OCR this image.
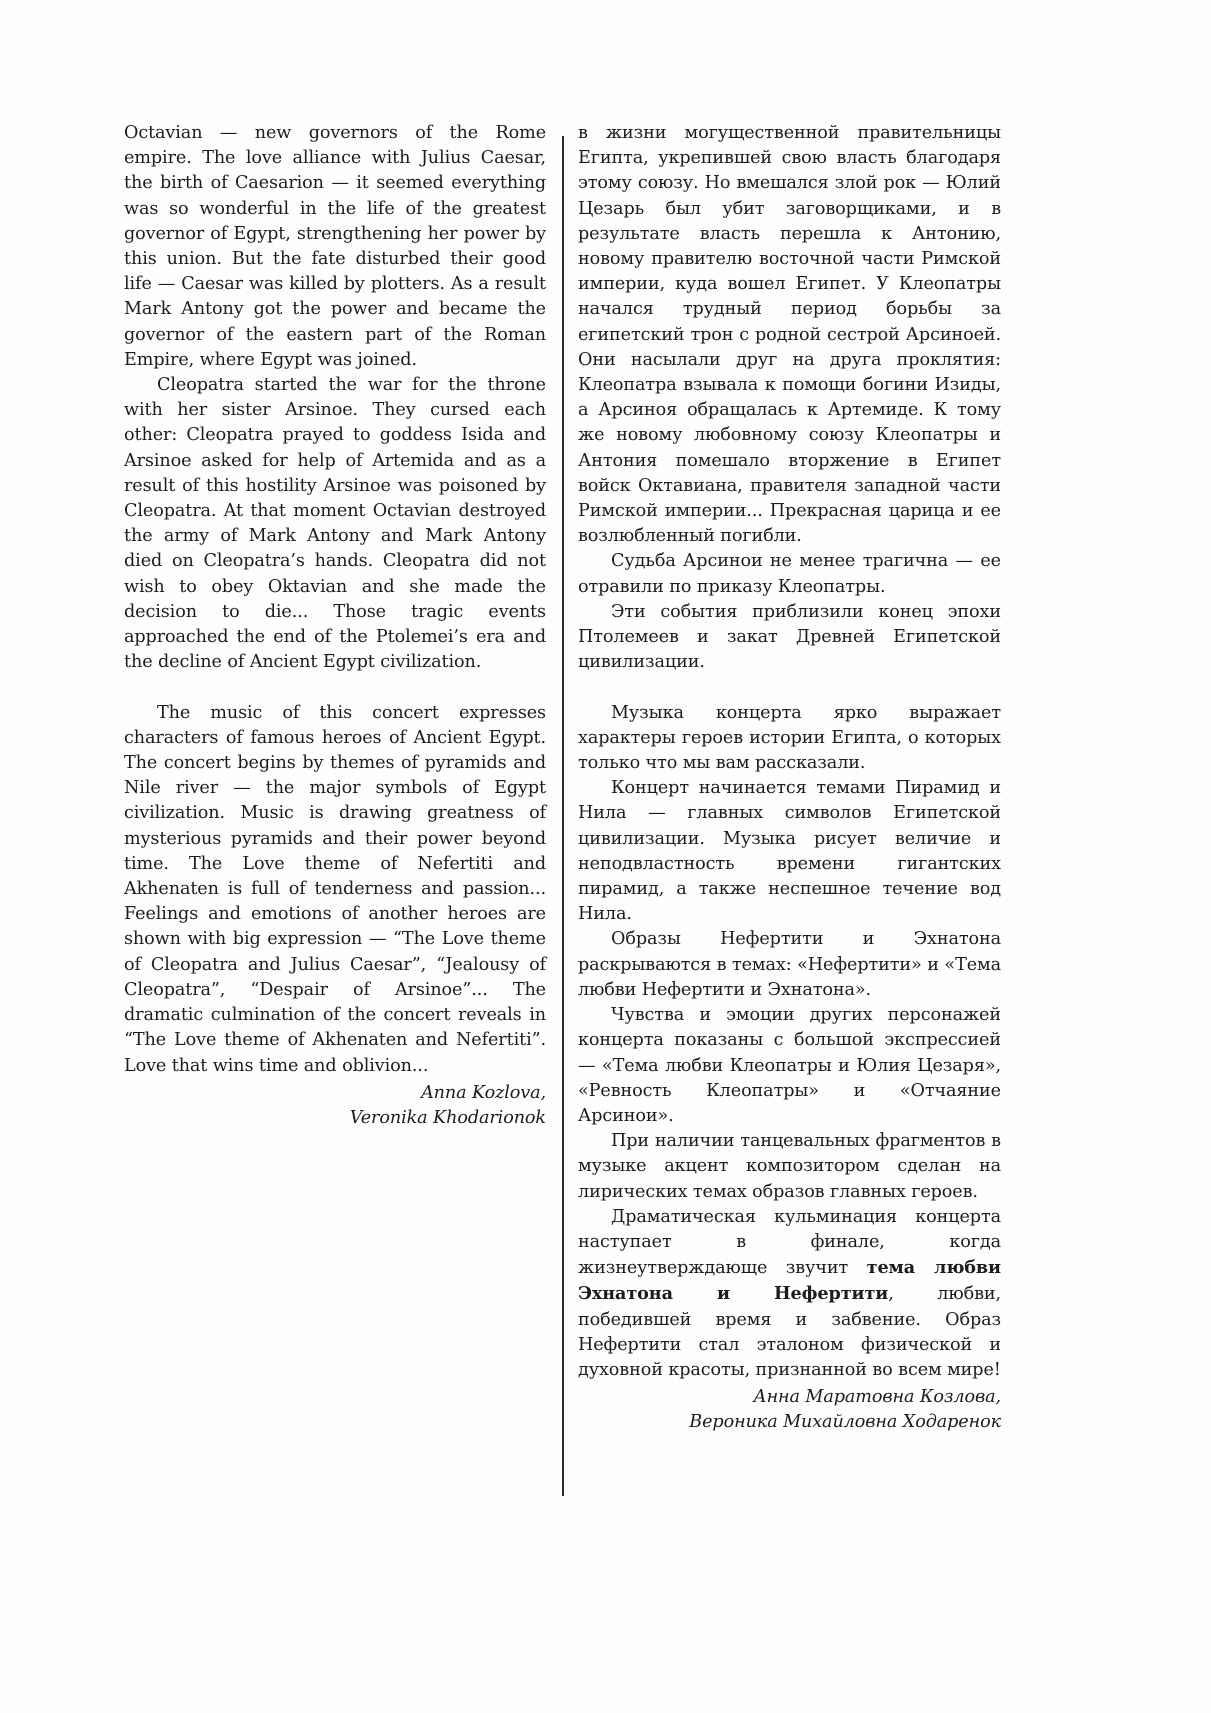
Octavian — new governors of the Rome empire. The love alliance with Julius Caesar, the birth of Caesarion — it seemed everything was so wonderful in the life of the greatest governor of Egypt, strengthening her power by this union. But the fate disturbed their good life — Caesar was killed by plotters. As a result Mark Antony got the power and became the governor of the eastern part of the Roman Empire, where Egypt was joined.

Cleopatra started the war for the throne with her sister Arsinoe. They cursed each other: Cleopatra prayed to goddess Isida and Arsinoe asked for help of Artemida and as a result of this hostility Arsinoe was poisoned by Cleopatra. At that moment Octavian destroyed the army of Mark Antony and Mark Antony died on Cleopatra’s hands. Cleopatra did not wish to obey Oktavian and she made the decision to die... Those tragic events approached the end of the Ptolemei’s era and the decline of Ancient Egypt civilization.

The music of this concert expresses characters of famous heroes of Ancient Egypt. The concert begins by themes of pyramids and Nile river — the major symbols of Egypt civilization. Music is drawing greatness of mysterious pyramids and their power beyond time. The Love theme of Nefertiti and Akhenaten is full of tenderness and passion... Feelings and emotions of another heroes are shown with big expression — “The Love theme of Cleopatra and Julius Caesar”, “Jealousy of Cleopatra”, “Despair of Arsinoe”... The dramatic culmination of the concert reveals in “The Love theme of Akhenaten and Nefertiti”. Love that wins time and oblivion...

Anna Kozlova,
Veronika Khodarionok

в жизни могущественной правительницы Египта, укрепившей свою власть благодаря этому союзу. Но вмешался злой рок — Юлий Цезарь был убит заговорщиками, и в результате власть перешла к Антонию, новому правителю восточной части Римской империи, куда вошел Египет. У Клеопатры начался трудный период борьбы за египетский трон с родной сестрой Арсиноей. Они насылали друг на друга проклятия: Клеопатра взывала к помощи богини Изиды, а Арсиноя обращалась к Артемиде. К тому же новому любовному союзу Клеопатры и Антония помешало вторжение в Египет войск Октавиана, правителя западной части Римской империи... Прекрасная царица и ее возлюбленный погибли.

Судьба Арсинои не менее трагична — ее отравили по приказу Клеопатры.

Эти события приблизили конец эпохи Птолемеев и закат Древней Египетской цивилизации.

Музыка концерта ярко выражает характеры героев истории Египта, о которых только что мы вам рассказали.

Концерт начинается темами Пирамид и Нила — главных символов Египетской цивилизации. Музыка рисует величие и неподвластность времени гигантских пирамид, а также неспешное течение вод Нила.

Образы Нефертити и Эхнатона раскрываются в темах: «Нефертити» и «Тема любви Нефертити и Эхнатона».

Чувства и эмоции других персонажей концерта показаны с большой экспрессией — «Тема любви Клеопатры и Юлия Цезаря», «Ревность Клеопатры» и «Отчаяние Арсинои».

При наличии танцевальных фрагментов в музыке акцент композитором сделан на лирических темах образов главных героев.

Драматическая кульминация концерта наступает в финале, когда жизнеутверждающе звучит тема любви Эхнатона и Нефертити, любви, победившей время и забвение. Образ Нефертити стал эталоном физической и духовной красоты, признанной во всем мире!

Анна Маратовна Козлова,
Вероника Михайловна Ходаренок
